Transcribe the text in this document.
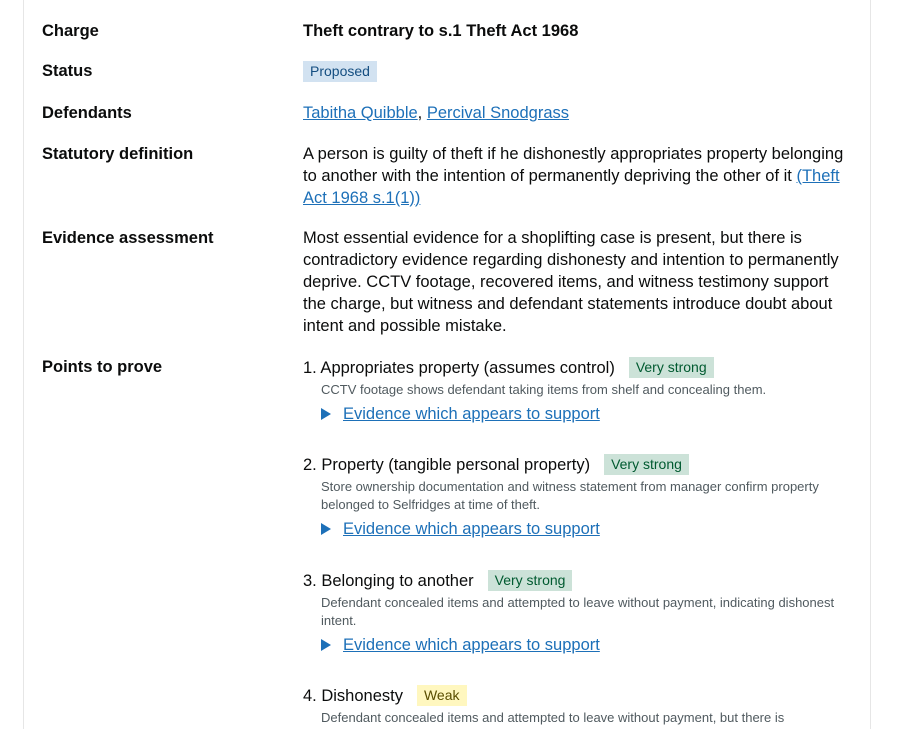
Charge	Theft contrary to s.1 Theft Act 1968
Status	Proposed
Defendants	Tabitha Quibble, Percival Snodgrass
Statutory definition	A person is guilty of theft if he dishonestly appropriates property belonging to another with the intention of permanently depriving the other of it (Theft Act 1968 s.1(1))
Evidence assessment	Most essential evidence for a shoplifting case is present, but there is contradictory evidence regarding dishonesty and intention to permanently deprive. CCTV footage, recovered items, and witness testimony support the charge, but witness and defendant statements introduce doubt about intent and possible mistake.
Points to prove	1. Appropriates property (assumes control) Very strong
CCTV footage shows defendant taking items from shelf and concealing them.
Evidence which appears to support
2. Property (tangible personal property) Very strong
Store ownership documentation and witness statement from manager confirm property belonged to Selfridges at time of theft.
Evidence which appears to support
3. Belonging to another Very strong
Defendant concealed items and attempted to leave without payment, indicating dishonest intent.
Evidence which appears to support
4. Dishonesty Weak
Defendant concealed items and attempted to leave without payment, but there is
